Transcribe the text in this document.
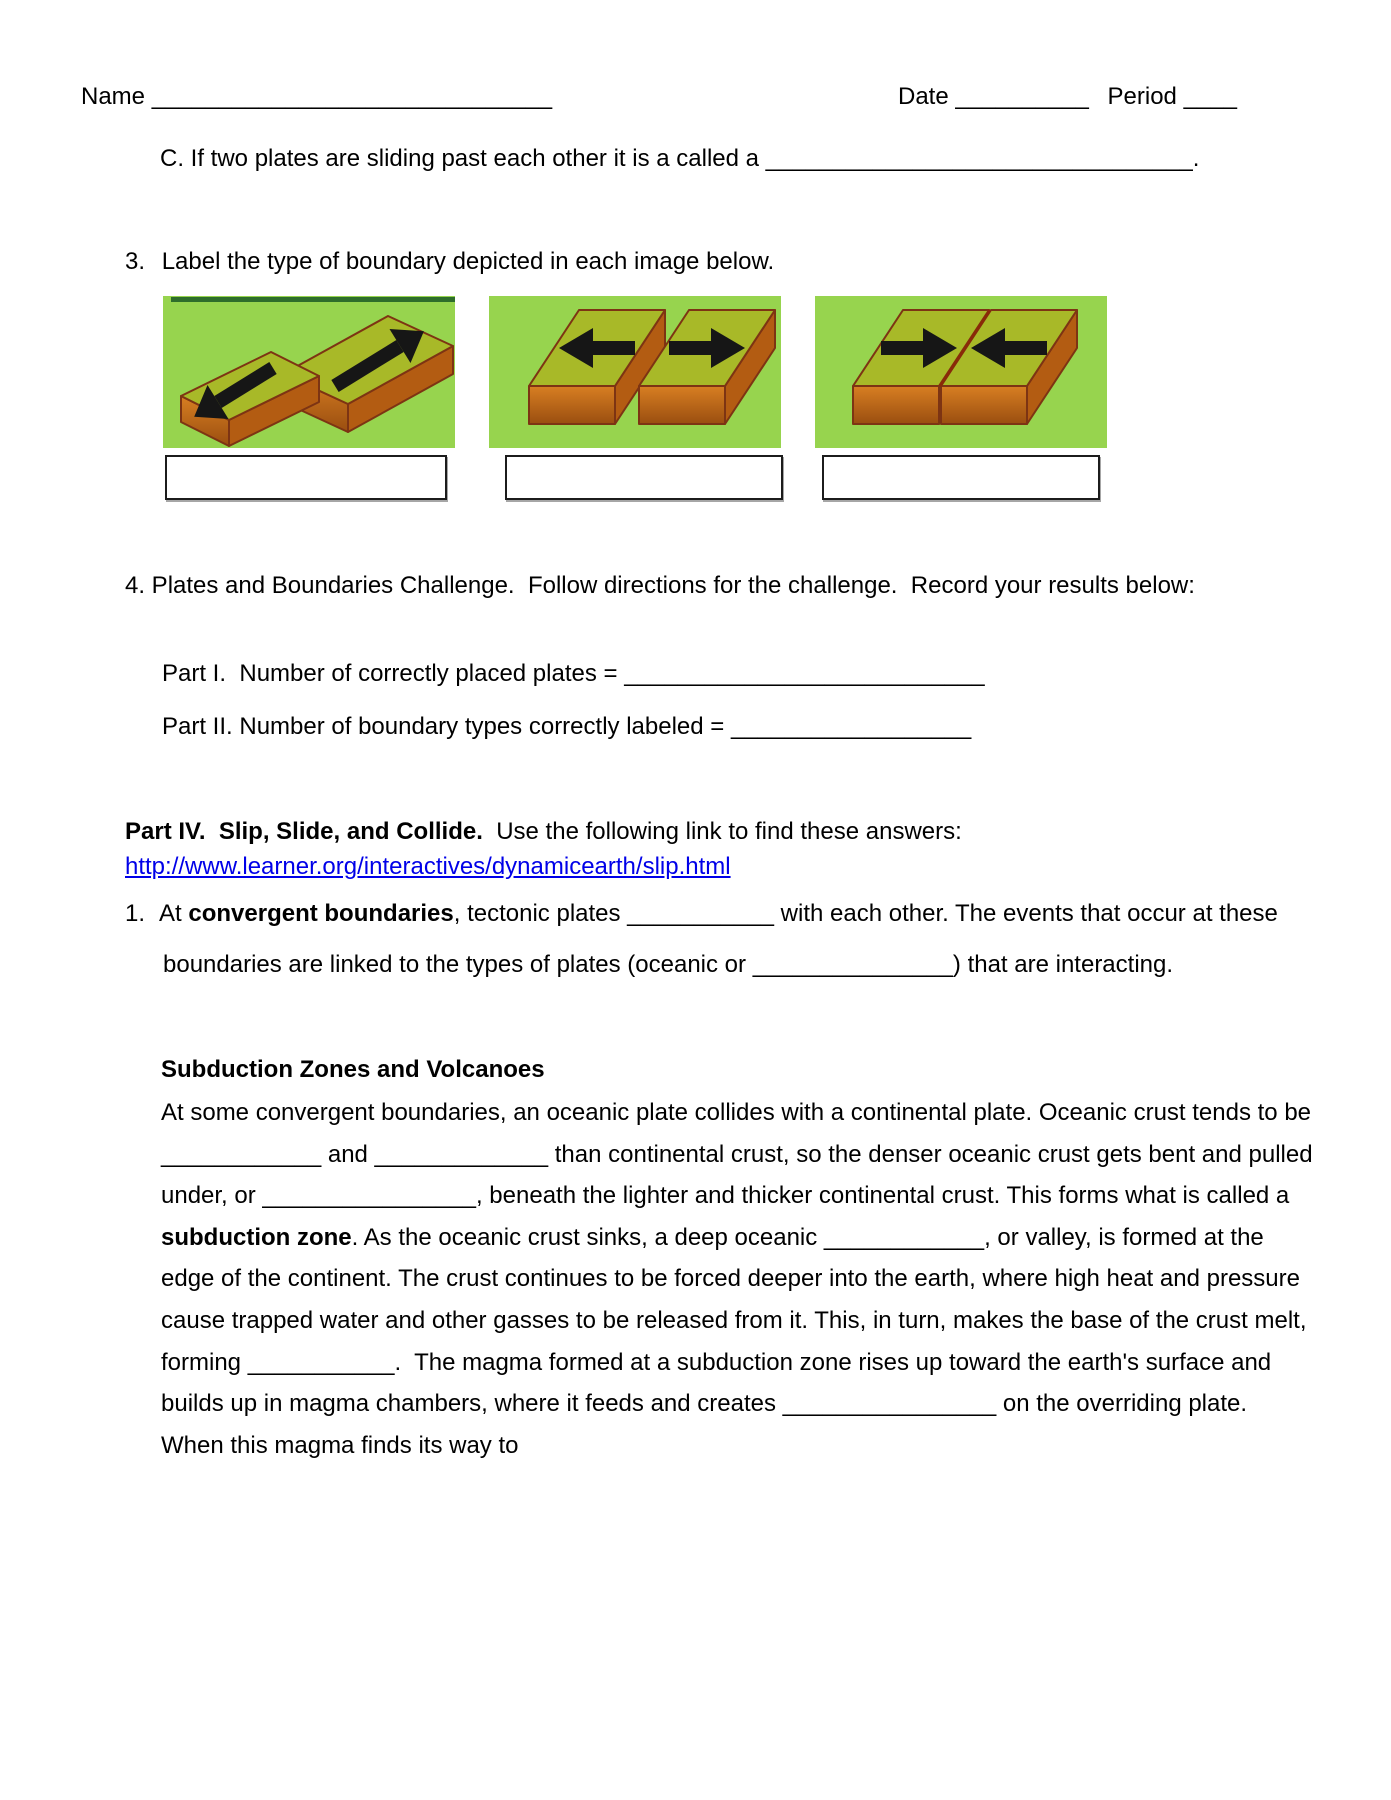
Name ______________________________	Date __________ Period ____
C. If two plates are sliding past each other it is a called a ________________________________.
3. Label the type of boundary depicted in each image below.
4. Plates and Boundaries Challenge.  Follow directions for the challenge.  Record your results below:
Part I.  Number of correctly placed plates = ___________________________
Part II. Number of boundary types correctly labeled = __________________
Part IV.  Slip, Slide, and Collide.  Use the following link to find these answers:
http://www.learner.org/interactives/dynamicearth/slip.html
1. At convergent boundaries, tectonic plates ___________ with each other. The events that occur at these boundaries are linked to the types of plates (oceanic or _______________) that are interacting.
Subduction Zones and Volcanoes
At some convergent boundaries, an oceanic plate collides with a continental plate. Oceanic crust tends to be ____________ and _____________ than continental crust, so the denser oceanic crust gets bent and pulled under, or ________________, beneath the lighter and thicker continental crust. This forms what is called a subduction zone. As the oceanic crust sinks, a deep oceanic ____________, or valley, is formed at the edge of the continent. The crust continues to be forced deeper into the earth, where high heat and pressure cause trapped water and other gasses to be released from it. This, in turn, makes the base of the crust melt, forming ___________.  The magma formed at a subduction zone rises up toward the earth's surface and builds up in magma chambers, where it feeds and creates ________________ on the overriding plate. When this magma finds its way to
